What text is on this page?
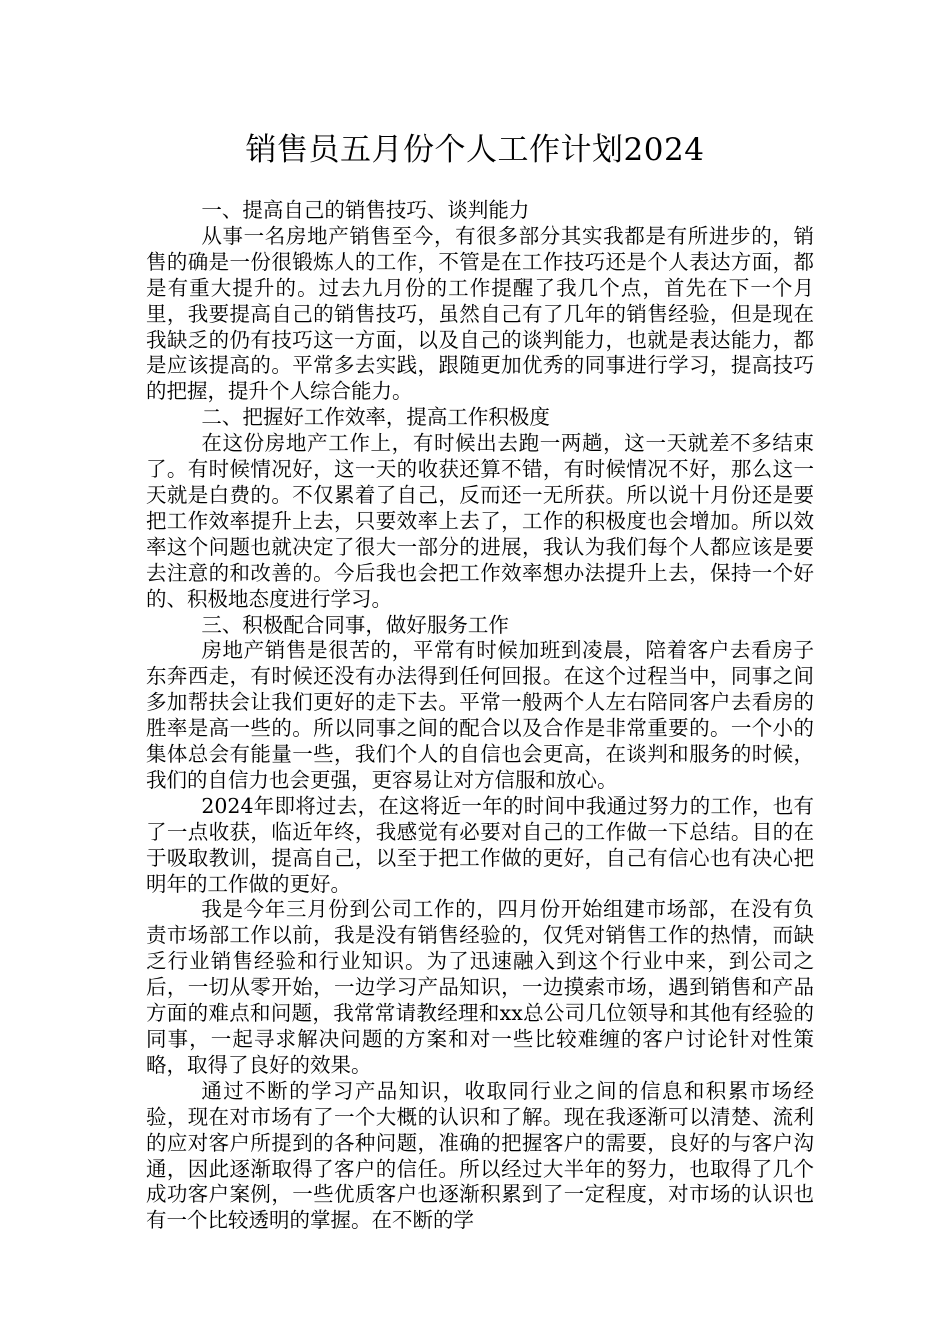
销售员五月份个人工作计划2024

一、提高自己的销售技巧、谈判能力

从事一名房地产销售至今，有很多部分其实我都是有所进步的，销售的确是一份很锻炼人的工作，不管是在工作技巧还是个人表达方面，都是有重大提升的。过去九月份的工作提醒了我几个点，首先在下一个月里，我要提高自己的销售技巧，虽然自己有了几年的销售经验，但是现在我缺乏的仍有技巧这一方面，以及自己的谈判能力，也就是表达能力，都是应该提高的。平常多去实践，跟随更加优秀的同事进行学习，提高技巧的把握，提升个人综合能力。

二、把握好工作效率，提高工作积极度

在这份房地产工作上，有时候出去跑一两趟，这一天就差不多结束了。有时候情况好，这一天的收获还算不错，有时候情况不好，那么这一天就是白费的。不仅累着了自己，反而还一无所获。所以说十月份还是要把工作效率提升上去，只要效率上去了，工作的积极度也会增加。所以效率这个问题也就决定了很大一部分的进展，我认为我们每个人都应该是要去注意的和改善的。今后我也会把工作效率想办法提升上去，保持一个好的、积极地态度进行学习。

三、积极配合同事，做好服务工作

房地产销售是很苦的，平常有时候加班到凌晨，陪着客户去看房子东奔西走，有时候还没有办法得到任何回报。在这个过程当中，同事之间多加帮扶会让我们更好的走下去。平常一般两个人左右陪同客户去看房的胜率是高一些的。所以同事之间的配合以及合作是非常重要的。一个小的集体总会有能量一些，我们个人的自信也会更高，在谈判和服务的时候，我们的自信力也会更强，更容易让对方信服和放心。

2024年即将过去，在这将近一年的时间中我通过努力的工作，也有了一点收获，临近年终，我感觉有必要对自己的工作做一下总结。目的在于吸取教训，提高自己，以至于把工作做的更好，自己有信心也有决心把明年的工作做的更好。

我是今年三月份到公司工作的，四月份开始组建市场部，在没有负责市场部工作以前，我是没有销售经验的，仅凭对销售工作的热情，而缺乏行业销售经验和行业知识。为了迅速融入到这个行业中来，到公司之后，一切从零开始，一边学习产品知识，一边摸索市场，遇到销售和产品方面的难点和问题，我常常请教经理和xx总公司几位领导和其他有经验的同事，一起寻求解决问题的方案和对一些比较难缠的客户讨论针对性策略，取得了良好的效果。

通过不断的学习产品知识，收取同行业之间的信息和积累市场经验，现在对市场有了一个大概的认识和了解。现在我逐渐可以清楚、流利的应对客户所提到的各种问题，准确的把握客户的需要，良好的与客户沟通，因此逐渐取得了客户的信任。所以经过大半年的努力，也取得了几个成功客户案例，一些优质客户也逐渐积累到了一定程度，对市场的认识也有一个比较透明的掌握。在不断的学
